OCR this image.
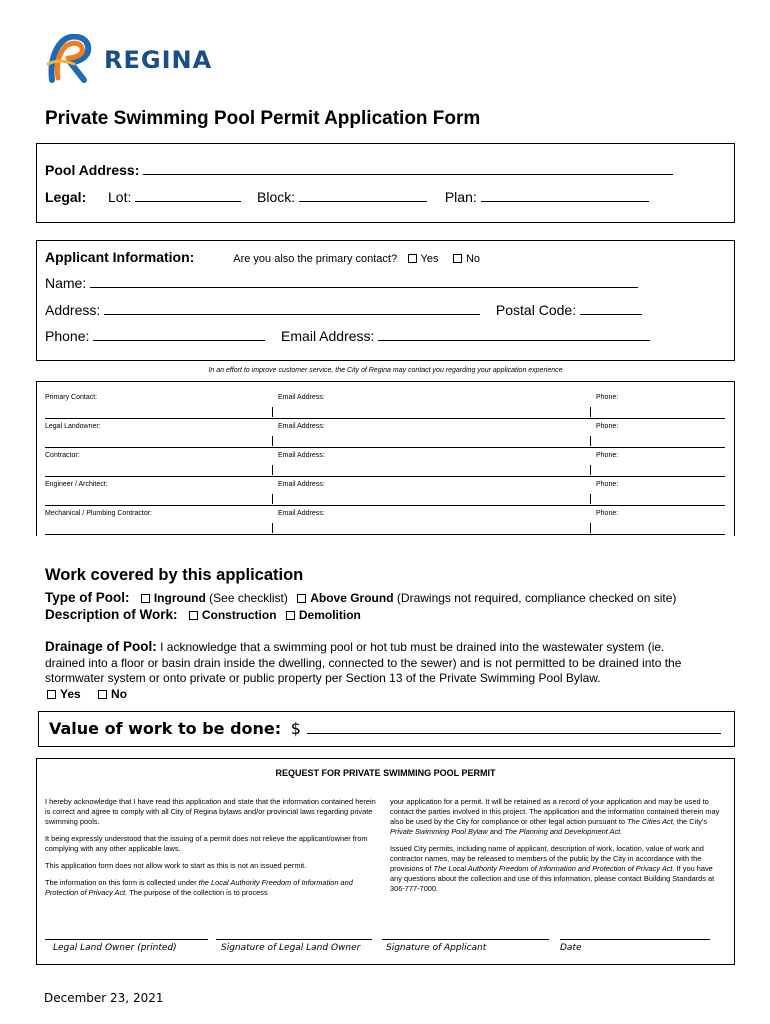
REGINA
Private Swimming Pool Permit Application Form
Pool Address:
Legal: Lot:	Block:	Plan:
Applicant Information:	Are you also the primary contact? Yes No
Name:
Address:	Postal Code:
Phone:	Email Address:
In an effort to improve customer service, the City of Regina may contact you regarding your application experience
Primary Contact:	Email Address:	Phone:
Legal Landowner:	Email Address:	Phone:
Contractor:	Email Address:	Phone:
Engineer / Architect:	Email Address:	Phone:
Mechanical / Plumbing Contractor:	Email Address:	Phone:
Work covered by this application
Type of Pool: Inground (See checklist) Above Ground (Drawings not required, compliance checked on site)
Description of Work: Construction Demolition
Drainage of Pool: I acknowledge that a swimming pool or hot tub must be drained into the wastewater system (ie.
drained into a floor or basin drain inside the dwelling, connected to the sewer) and is not permitted to be drained into the
stormwater system or onto private or public property per Section 13 of the Private Swimming Pool Bylaw.
Yes	No
Value of work to be done: $
REQUEST FOR PRIVATE SWIMMING POOL PERMIT

I hereby acknowledge that I have read this application and state that the information contained herein is correct and agree to comply with all City of Regina bylaws and/or provincial laws regarding private swimming pools.

It being expressly understood that the issuing of a permit does not relieve the applicant/owner from complying with any other applicable laws.

This application form does not allow work to start as this is not an issued permit.

The information on this form is collected under the Local Authority Freedom of Information and Protection of Privacy Act. The purpose of the collection is to process

your application for a permit. It will be retained as a record of your application and may be used to contact the parties involved in this project. The application and the information contained therein may also be used by the City for compliance or other legal action pursuant to The Cities Act, the City's Private Swimming Pool Bylaw and The Planning and Development Act.

Issued City permits, including name of applicant, description of work, location, value of work and contractor names, may be released to members of the public by the City in accordance with the provisions of The Local Authority Freedom of Information and Protection of Privacy Act. If you have any questions about the collection and use of this information, please contact Building Standards at 306-777-7000.

Legal Land Owner (printed)	Signature of Legal Land Owner	Signature of Applicant	Date
December 23, 2021
